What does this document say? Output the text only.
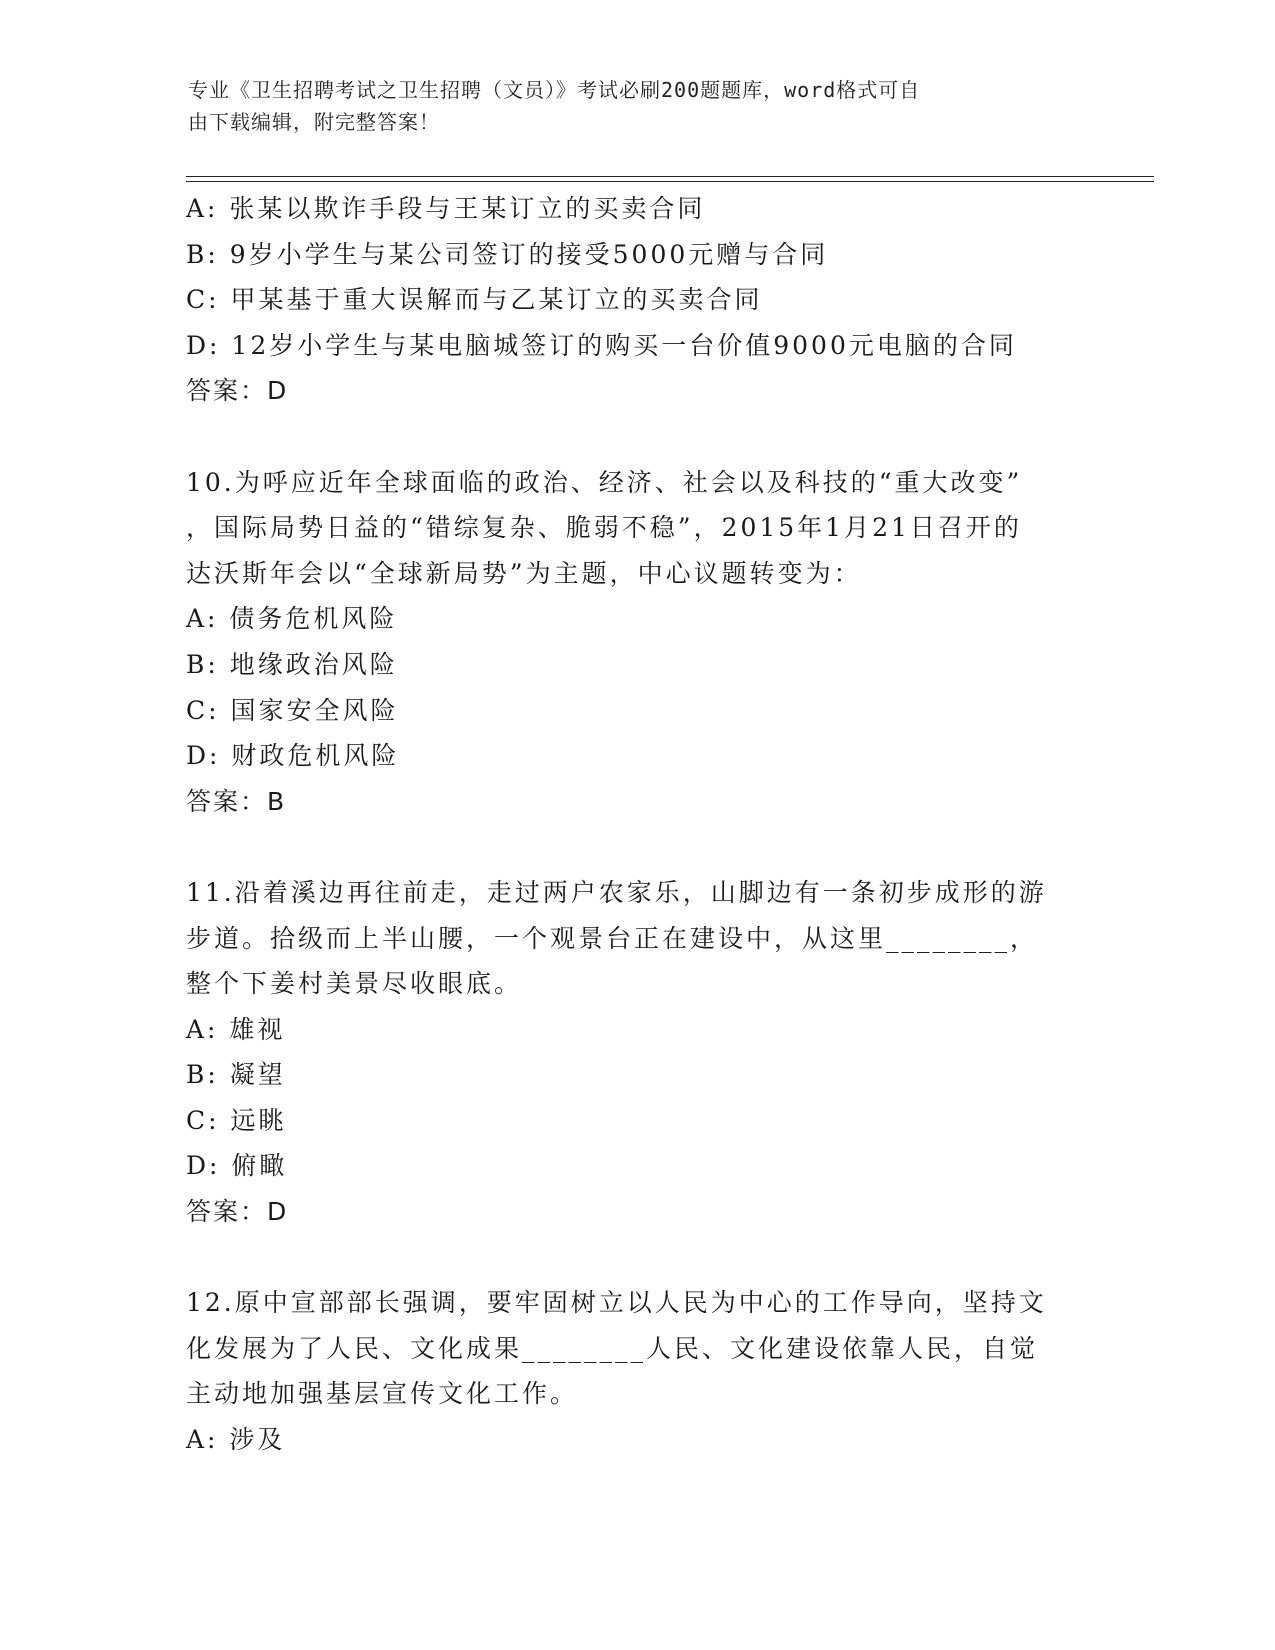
专业《卫生招聘考试之卫生招聘（文员）》考试必刷200题题库，word格式可自
由下载编辑，附完整答案！
A: 张某以欺诈手段与王某订立的买卖合同
B: 9岁小学生与某公司签订的接受5000元赠与合同
C: 甲某基于重大误解而与乙某订立的买卖合同
D: 12岁小学生与某电脑城签订的购买一台价值9000元电脑的合同
答案：D
10.为呼应近年全球面临的政治、经济、社会以及科技的“重大改变”
，国际局势日益的“错综复杂、脆弱不稳”，2015年1月21日召开的
达沃斯年会以“全球新局势”为主题，中心议题转变为：
A: 债务危机风险
B: 地缘政治风险
C: 国家安全风险
D: 财政危机风险
答案：B
11.沿着溪边再往前走，走过两户农家乐，山脚边有一条初步成形的游
步道。拾级而上半山腰，一个观景台正在建设中，从这里________，
整个下姜村美景尽收眼底。
A: 雄视
B: 凝望
C: 远眺
D: 俯瞰
答案：D
12.原中宣部部长强调，要牢固树立以人民为中心的工作导向，坚持文
化发展为了人民、文化成果________人民、文化建设依靠人民，自觉
主动地加强基层宣传文化工作。
A: 涉及
